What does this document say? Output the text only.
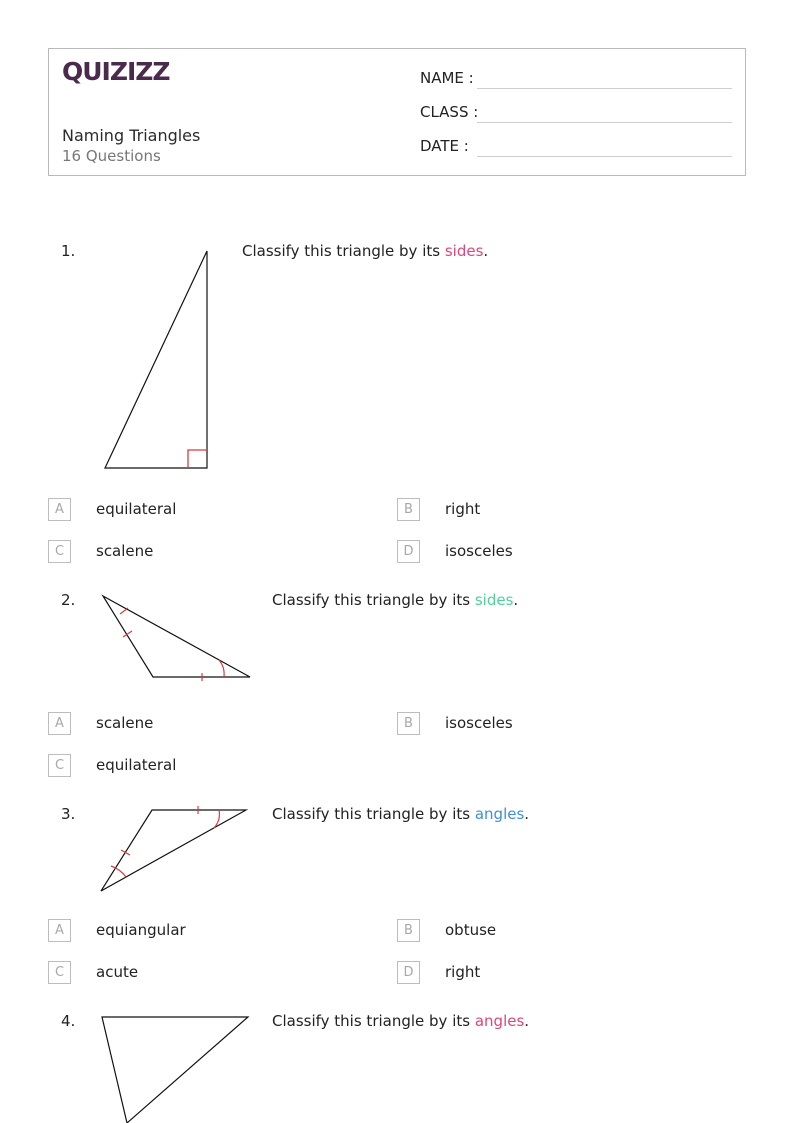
QUIZIZZ
Naming Triangles
16 Questions
NAME :
CLASS :
DATE :
1.	Classify this triangle by its sides.
A	equilateral	B	right
C	scalene	D	isosceles
2.	Classify this triangle by its sides.
A	scalene	B	isosceles
C	equilateral
3.	Classify this triangle by its angles.
A	equiangular	B	obtuse
C	acute	D	right
4.	Classify this triangle by its angles.
